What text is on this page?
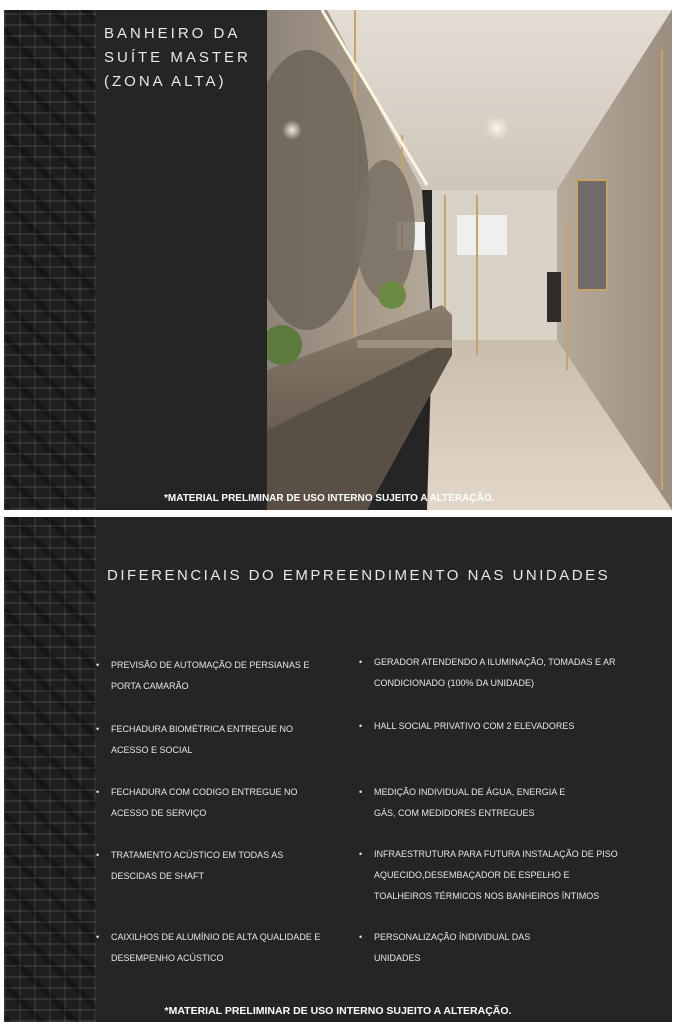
BANHEIRO DA
SUÍTE MASTER
(ZONA ALTA)
*MATERIAL PRELIMINAR DE USO INTERNO SUJEITO A ALTERAÇÃO.
DIFERENCIAIS DO EMPREENDIMENTO NAS UNIDADES
• PREVISÃO DE AUTOMAÇÃO DE PERSIANAS E
PORTA CAMARÃO
• FECHADURA BIOMÉTRICA ENTREGUE NO
ACESSO E SOCIAL
• FECHADURA COM CODIGO ENTREGUE NO
ACESSO DE SERVIÇO
• TRATAMENTO ACÚSTICO EM TODAS AS
DESCIDAS DE SHAFT
• CAIXILHOS DE ALUMÍNIO DE ALTA QUALIDADE E
DESEMPENHO ACÚSTICO
• GERADOR ATENDENDO A ILUMINAÇÃO, TOMADAS E AR
CONDICIONADO (100% DA UNIDADE)
• HALL SOCIAL PRIVATIVO COM 2 ELEVADORES
• MEDIÇÃO INDIVIDUAL DE ÁGUA, ENERGIA E
GÁS, COM MEDIDORES ENTREGUES
• INFRAESTRUTURA PARA FUTURA INSTALAÇÃO DE PISO
AQUECIDO,DESEMBAÇADOR DE ESPELHO E
TOALHEIROS TÉRMICOS NOS BANHEIROS ÍNTIMOS
• PERSONALIZAÇÃO ÍNDIVIDUAL DAS
UNIDADES
*MATERIAL PRELIMINAR DE USO INTERNO SUJEITO A ALTERAÇÃO.
